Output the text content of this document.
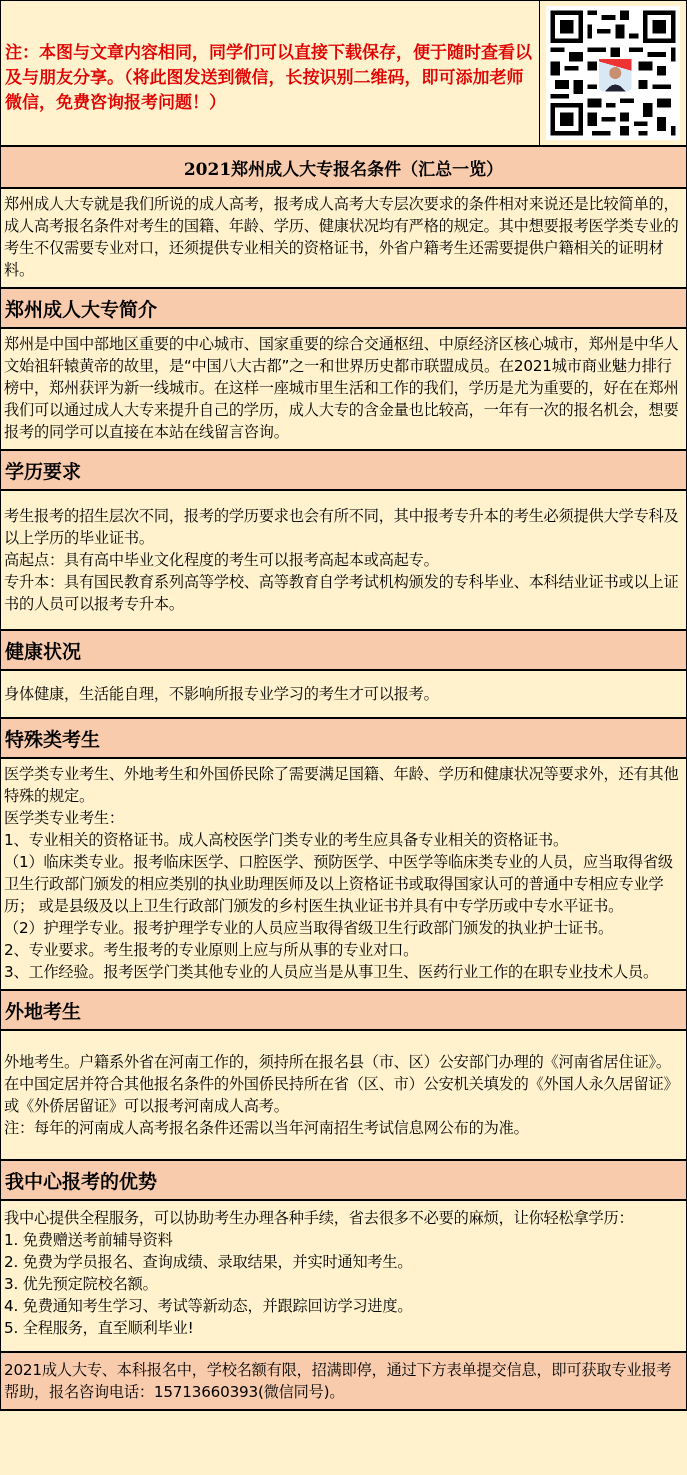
注：本图与文章内容相同，同学们可以直接下载保存，便于随时查看以及与朋友分享。（将此图发送到微信，长按识别二维码，即可添加老师微信，免费咨询报考问题！）
2021郑州成人大专报名条件（汇总一览）

郑州成人大专就是我们所说的成人高考，报考成人高考大专层次要求的条件相对来说还是比较简单的，成人高考报名条件对考生的国籍、年龄、学历、健康状况均有严格的规定。其中想要报考医学类专业的考生不仅需要专业对口，还须提供专业相关的资格证书，外省户籍考生还需要提供户籍相关的证明材料。

郑州成人大专简介

郑州是中国中部地区重要的中心城市、国家重要的综合交通枢纽、中原经济区核心城市，郑州是中华人文始祖轩辕黄帝的故里，是“中国八大古都”之一和世界历史都市联盟成员。在2021城市商业魅力排行榜中，郑州获评为新一线城市。在这样一座城市里生活和工作的我们，学历是尤为重要的，好在在郑州我们可以通过成人大专来提升自己的学历，成人大专的含金量也比较高，一年有一次的报名机会，想要报考的同学可以直接在本站在线留言咨询。

学历要求

考生报考的招生层次不同，报考的学历要求也会有所不同，其中报考专升本的考生必须提供大学专科及以上学历的毕业证书。

高起点：具有高中毕业文化程度的考生可以报考高起本或高起专。

专升本：具有国民教育系列高等学校、高等教育自学考试机构颁发的专科毕业、本科结业证书或以上证书的人员可以报考专升本。

健康状况

身体健康，生活能自理，不影响所报专业学习的考生才可以报考。

特殊类考生

医学类专业考生、外地考生和外国侨民除了需要满足国籍、年龄、学历和健康状况等要求外，还有其他特殊的规定。

医学类专业考生：

1、专业相关的资格证书。成人高校医学门类专业的考生应具备专业相关的资格证书。

（1）临床类专业。报考临床医学、口腔医学、预防医学、中医学等临床类专业的人员，应当取得省级卫生行政部门颁发的相应类别的执业助理医师及以上资格证书或取得国家认可的普通中专相应专业学历； 或是县级及以上卫生行政部门颁发的乡村医生执业证书并具有中专学历或中专水平证书。

（2）护理学专业。报考护理学专业的人员应当取得省级卫生行政部门颁发的执业护士证书。

2、专业要求。考生报考的专业原则上应与所从事的专业对口。

3、工作经验。报考医学门类其他专业的人员应当是从事卫生、医药行业工作的在职专业技术人员。

外地考生

外地考生。户籍系外省在河南工作的，须持所在报名县（市、区）公安部门办理的《河南省居住证》。

在中国定居并符合其他报名条件的外国侨民持所在省（区、市）公安机关填发的《外国人永久居留证》或《外侨居留证》可以报考河南成人高考。

注：每年的河南成人高考报名条件还需以当年河南招生考试信息网公布的为准。

我中心报考的优势

我中心提供全程服务，可以协助考生办理各种手续，省去很多不必要的麻烦，让你轻松拿学历：

1. 免费赠送考前辅导资料

2. 免费为学员报名、查询成绩、录取结果，并实时通知考生。

3. 优先预定院校名额。

4. 免费通知考生学习、考试等新动态，并跟踪回访学习进度。

5. 全程服务，直至顺利毕业!

2021成人大专、本科报名中，学校名额有限，招满即停，通过下方表单提交信息，即可获取专业报考帮助，报名咨询电话：15713660393(微信同号)。
